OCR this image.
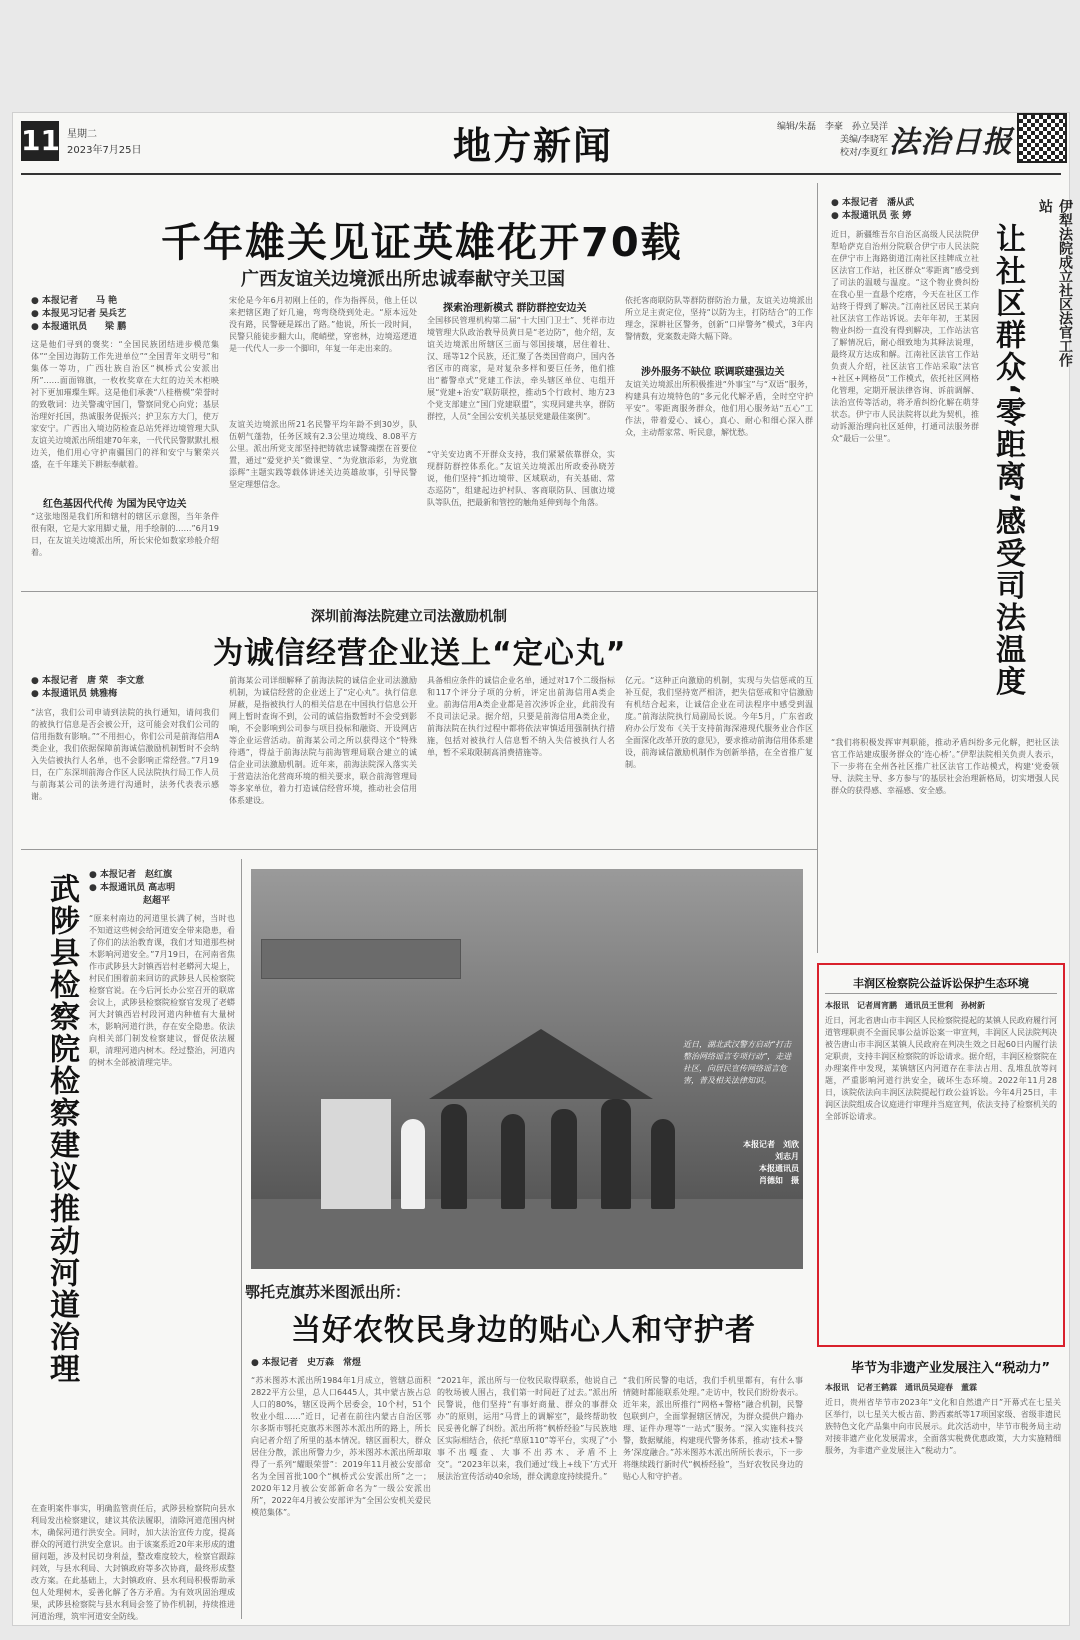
11 星期二
2023年7月25日	地方新闻	编辑/朱磊　李豪　孙立昊洋
美编/李晓军
校对/李夏红 法治日报
千年雄关见证英雄花开70载
广西友谊关边境派出所忠诚奉献守关卫国
● 本报记者　　马 艳
● 本报见习记者 吴兵艺
● 本报通讯员　　梁 鹏
这是他们寻到的褒奖：“全国民族团结进步模范集体”“全国边海防工作先进单位”“全国青年文明号”和集体一等功，广西壮族自治区“枫桥式公安派出所”……面面锦旗，一枚枚奖章在大红的边关木柜映衬下更加璀璨生辉。这是他们承袭“八桂楷模”荣誉时的致敬词：边关警魂守国门，警察同党心向党；基层治理好托国，热诚服务促振兴；护卫东方大门，使万家安宁。广西出入境边防检查总站凭祥边境管理大队友谊关边境派出所组建70年来，一代代民警默默扎根边关，他们用心守护南疆国门的祥和安宁与繁荣兴盛，在千年雄关下耕耘奉献着。
红色基因代代传 为国为民守边关
“这张地图是我们所和辖村的辖区示意图，当年条件很有限，它是大家用脚丈量，用手绘制的……”6月19日，在友谊关边境派出所，所长宋伦如数家珍般介绍着。
宋伦是今年6月初刚上任的，作为指挥员，他上任以来把辖区跑了好几遍，弯弯绕绕到处走。“原本远处没有路，民警硬是踩出了路。”他说，所长一段时间，民警只能徒步翻大山，爬峭壁，穿密林，边境巡逻道是一代代人一步一个脚印，年复一年走出来的。
友谊关边境派出所21名民警平均年龄不到30岁，队伍朝气蓬勃，任务区域有2.3公里边境线、8.08平方公里。派出所党支部坚持把铸就忠诚警魂摆在首要位置，通过“爱党护关”微课堂、“为党旗添彩，为党旗添辉”主题实践等载体讲述关边英雄故事，引导民警坚定理想信念。
探索治理新模式 群防群控安边关
全国移民管理机构第二届“十大国门卫士”、凭祥市边境管理大队政治教导员黄日是“老边防”，他介绍，友谊关边境派出所辖区三面与邻国接壤，居住着壮、汉、瑶等12个民族，还汇聚了各类国营商户，国内各省区市的商家，是对复杂多样和要巨任务，他们推出“蓄警卓式”党建工作法，牵头辖区单位、屯组开展“党建+治安”联防联控，推动5个行政村、地方23个党支部建立“国门党建联盟”，实现同建共享，群防群控，人员“全国公安机关基层党建最佳案例”。
“守关安边离不开群众支持，我们紧紧依靠群众，实现群防群控体系化。”友谊关边境派出所政委孙晓芳说，他们坚持“抓边境带、区域联动，有关基础、常态巡防”，组建起边护村队、客商联防队、国旗边境队等队伍，把最新和管控的触角延伸到每个角落。
依托客商联防队等群防群防治力量，友谊关边境派出所立足主责定位，坚持“以防为主，打防结合”的工作理念，深耕社区警务，创新“口岸警务”模式，3年内警情数，党案数走降大幅下降。
涉外服务不缺位 联调联建强边关
友谊关边境派出所积极推进“外事宝”与“双语”服务，构建具有边境特色的“多元化代解矛盾，全时空守护平安”。零距离服务群众，他们用心服务站“五心”工作法，带着爱心、诚心，真心、耐心和细心深入群众，主动帮家常、听民意，解忧愁。
深圳前海法院建立司法激励机制
为诚信经营企业送上“定心丸”
● 本报记者　唐 荣　李文意
● 本报通讯员 姚雅梅
“法官，我们公司申请到法院的执行通知，请问我们的被执行信息是否会被公开，这可能会对我们公司的信用指数有影响。”“不用担心，你们公司是前海信用A类企业，我们依据保障前海诚信激励机制暂时不会纳入失信被执行人名单，也不会影响正常经营。”7月19日，在广东深圳前海合作区人民法院执行局工作人员与前海某公司的法务进行沟通时，法务代表表示感谢。
前海某公司详细解释了前海法院的诚信企业司法激励机制，为诚信经营的企业送上了“定心丸”。执行信息屏蔽，是指被执行人的相关信息在中国执行信息公开网上暂时查询不到，公司的诚信指数暂时不会受到影响，不会影响到公司参与项目投标和融资、开设网店等企业运营活动。前海某公司之所以获得这个“特殊待遇”，得益于前海法院与前海管理局联合建立的诚信企业司法激励机制。近年来，前海法院深入落实关于营造法治化营商环境的相关要求，联合前海管理局等多家单位，着力打造诚信经营环境，推动社会信用体系建设。
具备相应条件的诚信企业名单，通过对17个二级指标和117个评分子项的分析，评定出前海信用A类企业。前海信用A类企业都是首次涉诉企业，此前没有不良司法记录。据介绍，只要是前海信用A类企业，前海法院在执行过程中都将依法审慎适用强制执行措施，包括对被执行人信息暂不纳入失信被执行人名单，暂不采取限制高消费措施等。
亿元。“这种正向激励的机制，实现与失信惩戒的互补互促，我们坚持宽严相济，把失信惩戒和守信激励有机结合起来，让诚信企业在司法程序中感受到温度。”前海法院执行局副局长说。今年5月，广东省政府办公厅发布《关于支持前海深港现代服务业合作区全面深化改革开放的意见》，要求推动前海信用体系建设，前海诚信激励机制作为创新举措，在全省推广复制。
伊犁法院成立社区法官工作站
让社区群众‘零距离’感受司法温度
● 本报记者　潘从武
● 本报通讯员 张 婷
近日，新疆维吾尔自治区高级人民法院伊犁哈萨克自治州分院联合伊宁市人民法院在伊宁市上海路街道江南社区挂牌成立社区法官工作站，社区群众“零距离”感受到了司法的温暖与温度。“这个物业费纠纷在我心里一直悬个疙瘩，今天在社区工作站终于得到了解决。”江南社区居民王某向社区法官工作站诉说。去年年初，王某因物业纠纷一直没有得到解决，工作站法官了解情况后，耐心细致地为其释法说理，最终双方达成和解。江南社区法官工作站负责人介绍，社区法官工作站采取“法官+社区+网格员”工作模式，依托社区网格化管理，定期开展法律咨询、诉前调解、法治宣传等活动，将矛盾纠纷化解在萌芽状态。伊宁市人民法院将以此为契机，推动诉源治理向社区延伸，打通司法服务群众“最后一公里”。
“我们将积极发挥审判职能，推动矛盾纠纷多元化解，把社区法官工作站建成服务群众的‘连心桥’。”伊犁法院相关负责人表示，下一步将在全州各社区推广社区法官工作站模式，构建‘党委领导、法院主导、多方参与’的基层社会治理新格局，切实增强人民群众的获得感、幸福感、安全感。
武陟县检察院检察建议推动河道治理	● 本报记者　赵红旗
● 本报通讯员 高志明
　　　　　　赵超平
“原来村南边的河道里长满了树，当时也不知道这些树会给河道安全带来隐患，看了你们的法治教育课，我们才知道那些树木影响河道安全。”7月19日，在河南省焦作市武陟县大封镇西岩村老蟒河大堤上，村民们围着前来回访的武陟县人民检察院检察官说。在今后河长办公室召开的联席会议上，武陟县检察院检察官发现了老蟒河大封镇西岩村段河道内种植有大量树木，影响河道行洪，存在安全隐患。依法向相关部门制发检察建议，督促依法履职，清理河道内树木。经过整治，河道内的树木全部被清理完毕。
在查明案件事实，明确监管责任后，武陟县检察院向县水利局发出检察建议，建议其依法履职，清除河道范围内树木，确保河道行洪安全。同时，加大法治宣传力度，提高群众的河道行洪安全意识。由于该案系近20年来形成的遗留问题，涉及村民切身利益，整改难度较大，检察官跟踪问效，与县水利局、大封镇政府等多次协商，最终形成整改方案。在此基础上，大封镇政府、县水利局积极帮助承包人处理树木，妥善化解了各方矛盾。为有效巩固治理成果，武陟县检察院与县水利局会签了协作机制，持续推进河道治理，筑牢河道安全防线。
近日，湖北武汉警方启动“打击整治网络谣言专项行动”，走进社区，向居民宣传网络谣言危害，普及相关法律知识。
本报记者　刘欣
刘志月
本报通讯员
肖德如　摄
鄂托克旗苏米图派出所：
当好农牧民身边的贴心人和守护者
● 本报记者　史万森　常煜
“苏米图苏木派出所1984年1月成立，管辖总面积2822平方公里，总人口6445人，其中蒙古族占总人口的80%，辖区设两个居委会，10个村，51个牧业小组……”近日，记者在前往内蒙古自治区鄂尔多斯市鄂托克旗苏米图苏木派出所的路上，所长向记者介绍了所里的基本情况。辖区面积大，群众居住分散，派出所警力少，苏米图苏木派出所却取得了一系列“耀眼荣誉”：2019年11月被公安部命名为全国首批100个“枫桥式公安派出所”之一；2020年12月被公安部新命名为“一级公安派出所”，2022年4月被公安部评为“全国公安机关爱民模范集体”。
“2021年，派出所与一位牧民取得联系，他说自己的牧场被人围占，我们第一时间赶了过去。”派出所民警说，他们坚持“有事好商量、群众的事群众办”的原则，运用“马背上的调解室”，最终帮助牧民妥善化解了纠纷。派出所将“枫桥经验”与民族地区实际相结合，依托“草原110”等平台，实现了“小事不出嘎查、大事不出苏木、矛盾不上交”。“2023年以来，我们通过‘线上+线下’方式开展法治宣传活动40余场，群众满意度持续提升。”
“我们所民警的电话，我们手机里都有，有什么事情随时都能联系处理。”走访中，牧民们纷纷表示。近年来，派出所推行“网格+警格”融合机制，民警包联到户，全面掌握辖区情况，为群众提供户籍办理、证件办理等“一站式”服务。“深入实施科技兴警，数据赋能，构建现代警务体系，推动‘技术+警务’深度融合。”苏米图苏木派出所所长表示，下一步将继续践行新时代“枫桥经验”，当好农牧民身边的贴心人和守护者。
丰润区检察院公益诉讼保护生态环境
本报讯　记者周宵鹏　通讯员王世利　孙树新
近日，河北省唐山市丰润区人民检察院提起的某镇人民政府履行河道管理职责不全面民事公益诉讼案一审宣判，丰润区人民法院判决被告唐山市丰润区某镇人民政府在判决生效之日起60日内履行法定职责，支持丰润区检察院的诉讼请求。据介绍，丰润区检察院在办理案件中发现，某镇辖区内河道存在非法占用、乱堆乱放等问题，严重影响河道行洪安全，破坏生态环境。2022年11月28日，该院依法向丰润区法院提起行政公益诉讼。今年4月25日，丰润区法院组成合议庭进行审理并当庭宣判，依法支持了检察机关的全部诉讼请求。
毕节为非遗产业发展注入“税动力”
本报讯　记者王鹤霖　通讯员吴迎春　董霖
近日，贵州省毕节市2023年“文化和自然遗产日”开幕式在七星关区举行，以七星关大板古苗、黔西素纸等17项国家级、省级非遗民族特色文化产品集中向市民展示。此次活动中，毕节市税务局主动对接非遗产业化发展需求，全面落实税费优惠政策，大力实施精细服务，为非遗产业发展注入“税动力”。
